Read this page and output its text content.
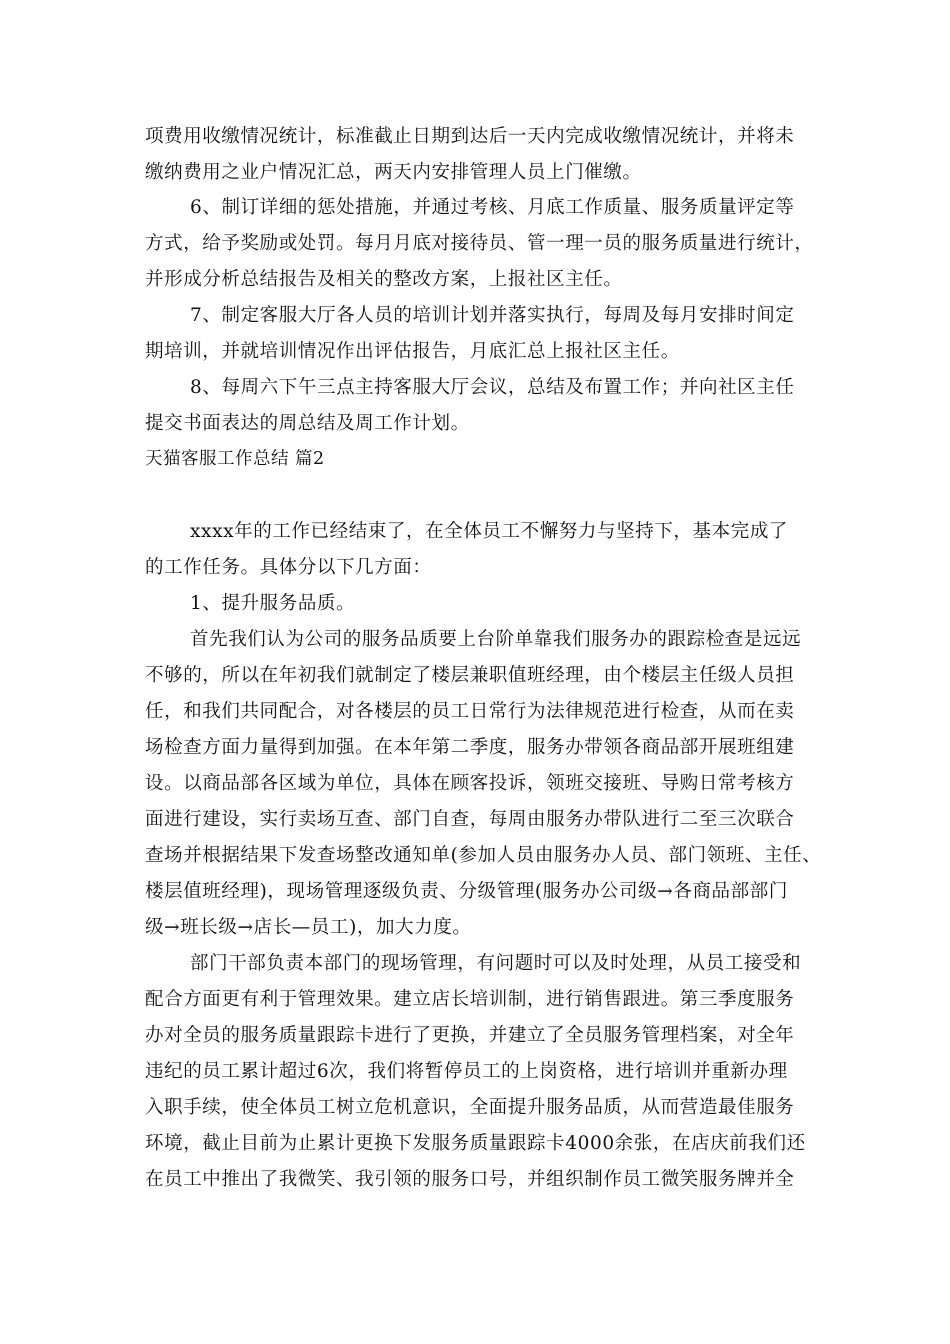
项费用收缴情况统计，标准截止日期到达后一天内完成收缴情况统计，并将未
缴纳费用之业户情况汇总，两天内安排管理人员上门催缴。
6、制订详细的惩处措施，并通过考核、月底工作质量、服务质量评定等
方式，给予奖励或处罚。每月月底对接待员、管一理一员的服务质量进行统计，
并形成分析总结报告及相关的整改方案，上报社区主任。
7、制定客服大厅各人员的培训计划并落实执行，每周及每月安排时间定
期培训，并就培训情况作出评估报告，月底汇总上报社区主任。
8、每周六下午三点主持客服大厅会议，总结及布置工作；并向社区主任
提交书面表达的周总结及周工作计划。
天猫客服工作总结 篇2
xxxx年的工作已经结束了，在全体员工不懈努力与坚持下，基本完成了
的工作任务。具体分以下几方面：
1、提升服务品质。
首先我们认为公司的服务品质要上台阶单靠我们服务办的跟踪检查是远远
不够的，所以在年初我们就制定了楼层兼职值班经理，由个楼层主任级人员担
任，和我们共同配合，对各楼层的员工日常行为法律规范进行检查，从而在卖
场检查方面力量得到加强。在本年第二季度，服务办带领各商品部开展班组建
设。以商品部各区域为单位，具体在顾客投诉，领班交接班、导购日常考核方
面进行建设，实行卖场互查、部门自查，每周由服务办带队进行二至三次联合
查场并根据结果下发查场整改通知单(参加人员由服务办人员、部门领班、主任、
楼层值班经理)，现场管理逐级负责、分级管理(服务办公司级→各商品部部门
级→班长级→店长—员工)，加大力度。
部门干部负责本部门的现场管理，有问题时可以及时处理，从员工接受和
配合方面更有利于管理效果。建立店长培训制，进行销售跟进。第三季度服务
办对全员的服务质量跟踪卡进行了更换，并建立了全员服务管理档案，对全年
违纪的员工累计超过6次，我们将暂停员工的上岗资格，进行培训并重新办理
入职手续，使全体员工树立危机意识，全面提升服务品质，从而营造最佳服务
环境，截止目前为止累计更换下发服务质量跟踪卡4000余张，在店庆前我们还
在员工中推出了我微笑、我引领的服务口号，并组织制作员工微笑服务牌并全
